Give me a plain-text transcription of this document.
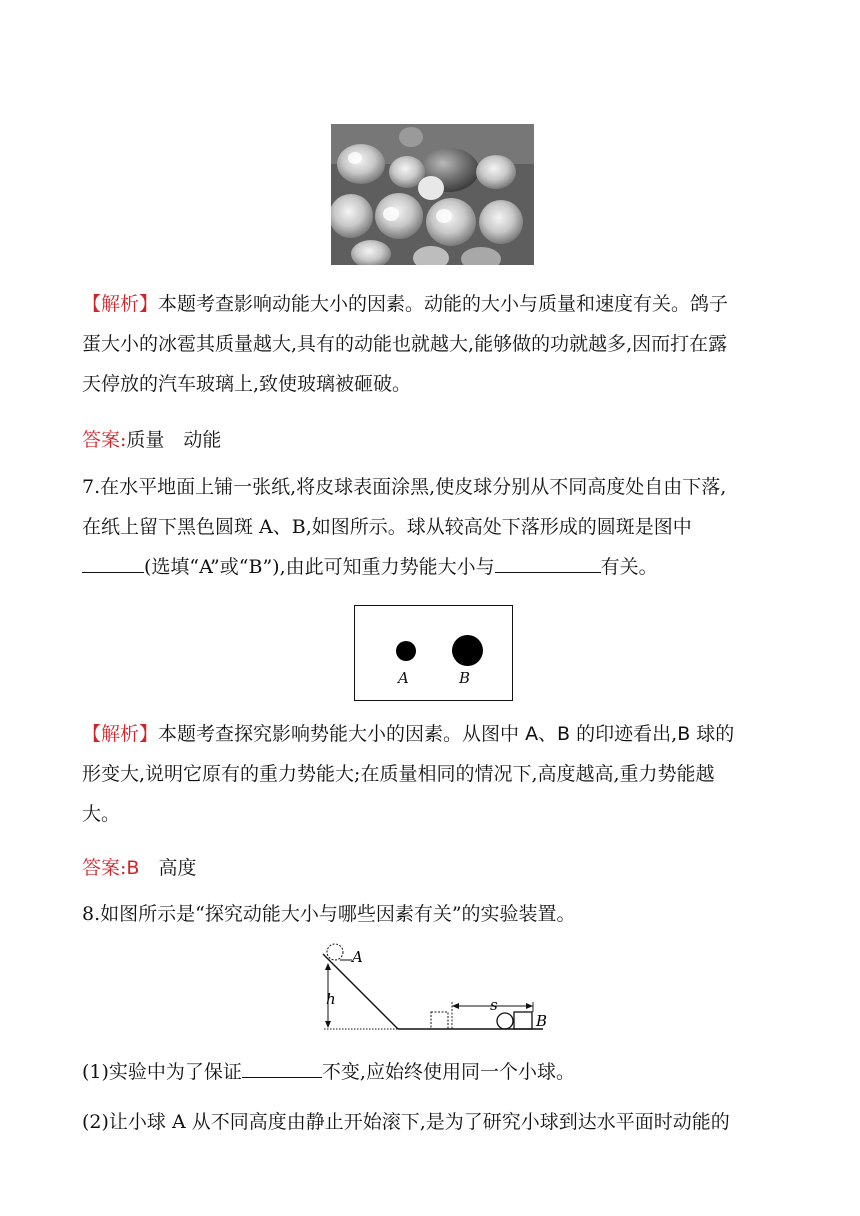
【解析】本题考查影响动能大小的因素。动能的大小与质量和速度有关。鸽子
蛋大小的冰雹其质量越大,具有的动能也就越大,能够做的功就越多,因而打在露
天停放的汽车玻璃上,致使玻璃被砸破。

答案:质量　动能

7.在水平地面上铺一张纸,将皮球表面涂黑,使皮球分别从不同高度处自由下落,
在纸上留下黑色圆斑 A、B,如图所示。球从较高处下落形成的圆斑是图中
(选填“A”或“B”),由此可知重力势能大小与	有关。

A	B

【解析】本题考查探究影响势能大小的因素。从图中 A、B 的印迹看出,B 球的
形变大,说明它原有的重力势能大;在质量相同的情况下,高度越高,重力势能越
大。

答案:B　高度

8.如图所示是“探究动能大小与哪些因素有关”的实验装置。

A
h	s
B

(1)实验中为了保证	不变,应始终使用同一个小球。
(2)让小球 A 从不同高度由静止开始滚下,是为了研究小球到达水平面时动能的
